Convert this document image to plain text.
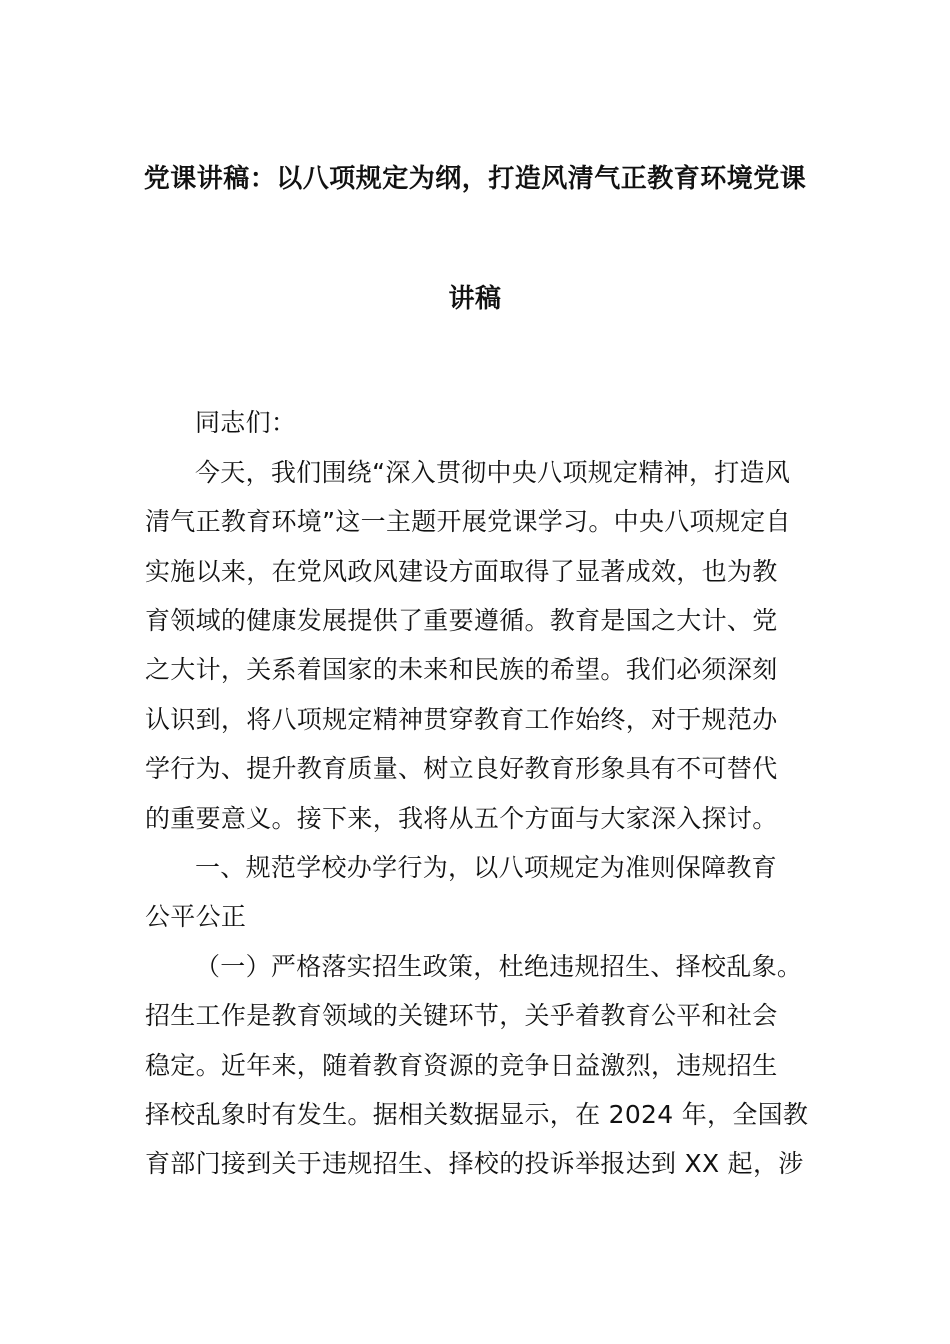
党课讲稿：以八项规定为纲，打造风清气正教育环境党课
讲稿
同志们：
今天，我们围绕“深入贯彻中央八项规定精神，打造风
清气正教育环境”这一主题开展党课学习。中央八项规定自
实施以来，在党风政风建设方面取得了显著成效，也为教
育领域的健康发展提供了重要遵循。教育是国之大计、党
之大计，关系着国家的未来和民族的希望。我们必须深刻
认识到，将八项规定精神贯穿教育工作始终，对于规范办
学行为、提升教育质量、树立良好教育形象具有不可替代
的重要意义。接下来，我将从五个方面与大家深入探讨。
一、规范学校办学行为，以八项规定为准则保障教育
公平公正
（一）严格落实招生政策，杜绝违规招生、择校乱象。
招生工作是教育领域的关键环节，关乎着教育公平和社会
稳定。近年来，随着教育资源的竞争日益激烈，违规招生
择校乱象时有发生。据相关数据显示，在 2024 年，全国教
育部门接到关于违规招生、择校的投诉举报达到 XX 起，涉
